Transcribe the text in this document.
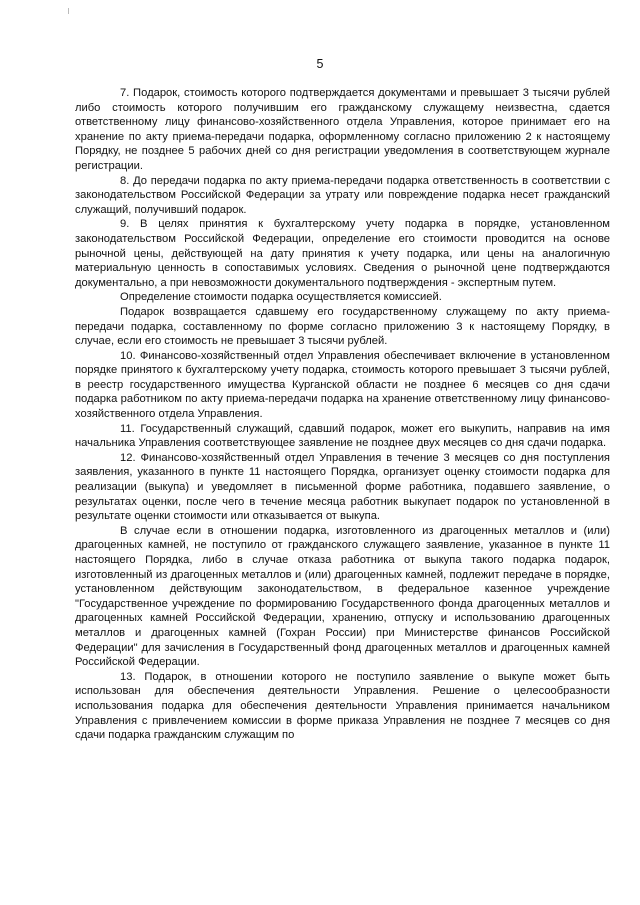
5

7. Подарок, стоимость которого подтверждается документами и превышает 3 тысячи рублей либо стоимость которого получившим его гражданскому служащему неизвестна, сдается ответственному лицу финансово-хозяйственного отдела Управления, которое принимает его на хранение по акту приема-передачи подарка, оформленному согласно приложению 2 к настоящему Порядку, не позднее 5 рабочих дней со дня регистрации уведомления в соответствующем журнале регистрации.

8. До передачи подарка по акту приема-передачи подарка ответственность в соответствии с законодательством Российской Федерации за утрату или повреждение подарка несет гражданский служащий, получивший подарок.

9. В целях принятия к бухгалтерскому учету подарка в порядке, установленном законодательством Российской Федерации, определение его стоимости проводится на основе рыночной цены, действующей на дату принятия к учету подарка, или цены на аналогичную материальную ценность в сопоставимых условиях. Сведения о рыночной цене подтверждаются документально, а при невозможности документального подтверждения - экспертным путем.

Определение стоимости подарка осуществляется комиссией.

Подарок возвращается сдавшему его государственному служащему по акту приема-передачи подарка, составленному по форме согласно приложению 3 к настоящему Порядку, в случае, если его стоимость не превышает 3 тысячи рублей.

10. Финансово-хозяйственный отдел Управления обеспечивает включение в установленном порядке принятого к бухгалтерскому учету подарка, стоимость которого превышает 3 тысячи рублей, в реестр государственного имущества Курганской области не позднее 6 месяцев со дня сдачи подарка работником по акту приема-передачи подарка на хранение ответственному лицу финансово-хозяйственного отдела Управления.

11. Государственный служащий, сдавший подарок, может его выкупить, направив на имя начальника Управления соответствующее заявление не позднее двух месяцев со дня сдачи подарка.

12. Финансово-хозяйственный отдел Управления в течение 3 месяцев со дня поступления заявления, указанного в пункте 11 настоящего Порядка, организует оценку стоимости подарка для реализации (выкупа) и уведомляет в письменной форме работника, подавшего заявление, о результатах оценки, после чего в течение месяца работник выкупает подарок по установленной в результате оценки стоимости или отказывается от выкупа.

В случае если в отношении подарка, изготовленного из драгоценных металлов и (или) драгоценных камней, не поступило от гражданского служащего заявление, указанное в пункте 11 настоящего Порядка, либо в случае отказа работника от выкупа такого подарка подарок, изготовленный из драгоценных металлов и (или) драгоценных камней, подлежит передаче в порядке, установленном действующим законодательством, в федеральное казенное учреждение "Государственное учреждение по формированию Государственного фонда драгоценных металлов и драгоценных камней Российской Федерации, хранению, отпуску и использованию драгоценных металлов и драгоценных камней (Гохран России) при Министерстве финансов Российской Федерации" для зачисления в Государственный фонд драгоценных металлов и драгоценных камней Российской Федерации.

13. Подарок, в отношении которого не поступило заявление о выкупе может быть использован для обеспечения деятельности Управления. Решение о целесообразности использования подарка для обеспечения деятельности Управления принимается начальником Управления с привлечением комиссии в форме приказа Управления не позднее 7 месяцев со дня сдачи подарка гражданским служащим по
